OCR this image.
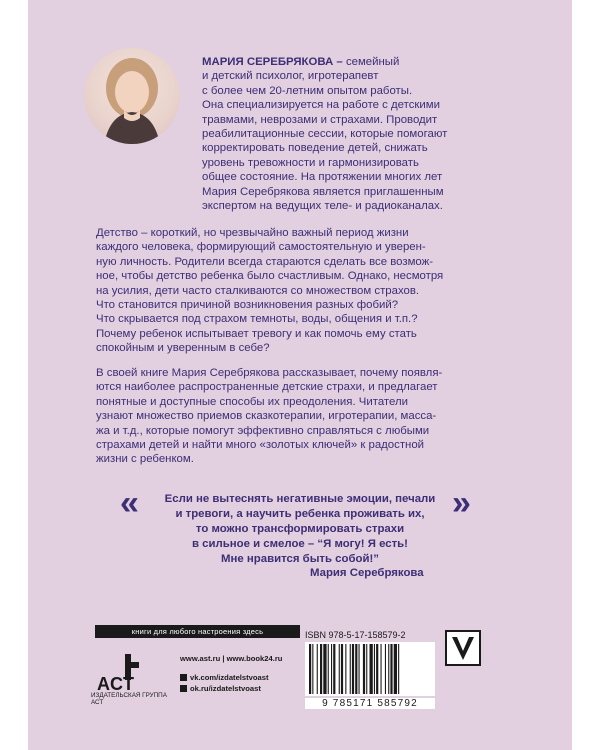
МАРИЯ СЕРЕБРЯКОВА – семейный
и детский психолог, игротерапевт
с более чем 20-летним опытом работы.
Она специализируется на работе с детскими
травмами, неврозами и страхами. Проводит
реабилитационные сессии, которые помогают
корректировать поведение детей, снижать
уровень тревожности и гармонизировать
общее состояние. На протяжении многих лет
Мария Серебрякова является приглашенным
экспертом на ведущих теле- и радиоканалах.
Детство – короткий, но чрезвычайно важный период жизни
каждого человека, формирующий самостоятельную и уверен-
ную личность. Родители всегда стараются сделать все возмож-
ное, чтобы детство ребенка было счастливым. Однако, несмотря
на усилия, дети часто сталкиваются со множеством страхов.
Что становится причиной возникновения разных фобий?
Что скрывается под страхом темноты, воды, общения и т.п.?
Почему ребенок испытывает тревогу и как помочь ему стать
спокойным и уверенным в себе?
В своей книге Мария Серебрякова рассказывает, почему появля-
ются наиболее распространенные детские страхи, и предлагает
понятные и доступные способы их преодоления. Читатели
узнают множество приемов сказкотерапии, игротерапии, масса-
жа и т.д., которые помогут эффективно справляться с любыми
страхами детей и найти много «золотых ключей» к радостной
жизни с ребенком.
«	Если не вытеснять негативные эмоции, печали
и тревоги, а научить ребенка проживать их,
то можно трансформировать страхи
в сильное и смелое – “Я могу! Я есть!
Мне нравится быть собой!”
»
Мария Серебрякова
книги для любого настроения здесь
ACT
ИЗДАТЕЛЬСКАЯ ГРУППА АСТ
www.ast.ru | www.book24.ru
vk.com/izdatelstvoast
ok.ru/izdatelstvoast
ISBN 978-5-17-158579-2
9 785171 585792
